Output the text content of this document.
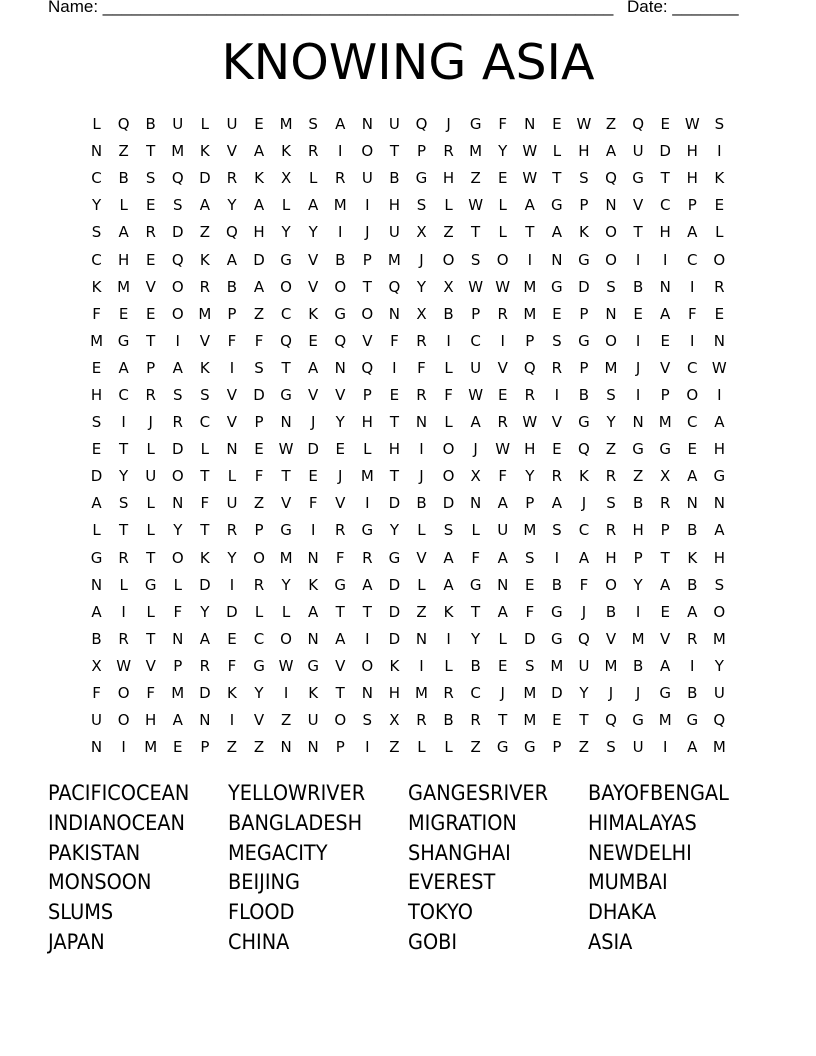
Name: ______________________________________________________ Date: _______
KNOWING ASIA
L	Q	B	U	L	U	E	M	S	A	N	U	Q	J	G	F	N	E W Z	Q	E W S
N	Z	T	M	K	V	A	K	R	I	O	T	P	R	M	Y	W	L	H	A	U	D	H	I
C	B	S	Q	D	R	K	X	L	R	U	B	G	H	Z	E W	T	S	Q	G	T	H	K
Y	L	E	S	A	Y	A	L	A	M	I	H	S	L	W	L	A	G	P	N	V	C	P	E
S	A	R	D	Z	Q	H	Y	Y	I	J	U	X	Z	T	L	T	A	K	O	T	H	A	L
C	H	E	Q	K	A	D	G	V	B	P	M	J	O	S	O	I	N	G	O	I	I	C	O
K	M	V	O	R	B	A	O	V	O	T	Q	Y	X W W M G	D	S	B	N	I	R
F	E	E	O M	P	Z	C	K	G	O	N	X	B	P	R	M	E	P	N	E	A	F	E
M G	T	I	V	F	F	Q	E	Q	V	F	R	I	C	I	P	S	G	O	I	E	I	N
E	A	P	A	K	I	S	T	A	N	Q	I	F	L	U	V	Q	R	P	M	J	V	C W
H	C	R	S	S	V	D	G	V	V	P	E	R	F	W E	R	I	B	S	I	P	O	I
S	I	J	R	C	V	P	N	J	Y	H	T	N	L	A	R W V	G	Y	N M	C	A
E	T	L	D	L	N	E W D	E	L	H	I	O	J	W H	E	Q	Z	G	G	E	H
D	Y	U	O	T	L	F	T	E	J	M	T	J	O	X	F	Y	R	K	R	Z	X	A	G
A	S	L	N	F	U	Z	V	F	V	I	D	B	D	N	A	P	A	J	S	B	R	N	N
L	T	L	Y	T	R	P	G	I	R	G	Y	L	S	L	U	M	S	C	R	H	P	B	A
G	R	T	O	K	Y	O M N	F	R	G	V	A	F	A	S	I	A	H	P	T	K	H
N	L	G	L	D	I	R	Y	K	G	A	D	L	A	G	N	E	B	F	O	Y	A	B	S
A	I	L	F	Y	D	L	L	A	T	T	D	Z	K	T	A	F	G	J	B	I	E	A	O
B	R	T	N	A	E	C	O	N	A	I	D	N	I	Y	L	D	G	Q	V	M	V	R	M
X W V	P	R	F	G W G	V	O	K	I	L	B	E	S	M	U	M	B	A	I	Y
F	O	F	M D	K	Y	I	K	T	N	H M	R	C	J	M D	Y	J	J	G	B	U
U	O	H	A	N	I	V	Z	U	O	S	X	R	B	R	T	M	E	T	Q	G M G	Q
N	I	M	E	P	Z	Z	N	N	P	I	Z	L	L	Z	G	G	P	Z	S	U	I	A	M
PACIFICOCEAN	YELLOWRIVER	GANGESRIVER	BAYOFBENGAL
INDIANOCEAN	BANGLADESH	MIGRATION	HIMALAYAS
PAKISTAN	MEGACITY	SHANGHAI	NEWDELHI
MONSOON	BEIJING	EVEREST	MUMBAI
SLUMS	FLOOD	TOKYO	DHAKA
JAPAN	CHINA	GOBI	ASIA
